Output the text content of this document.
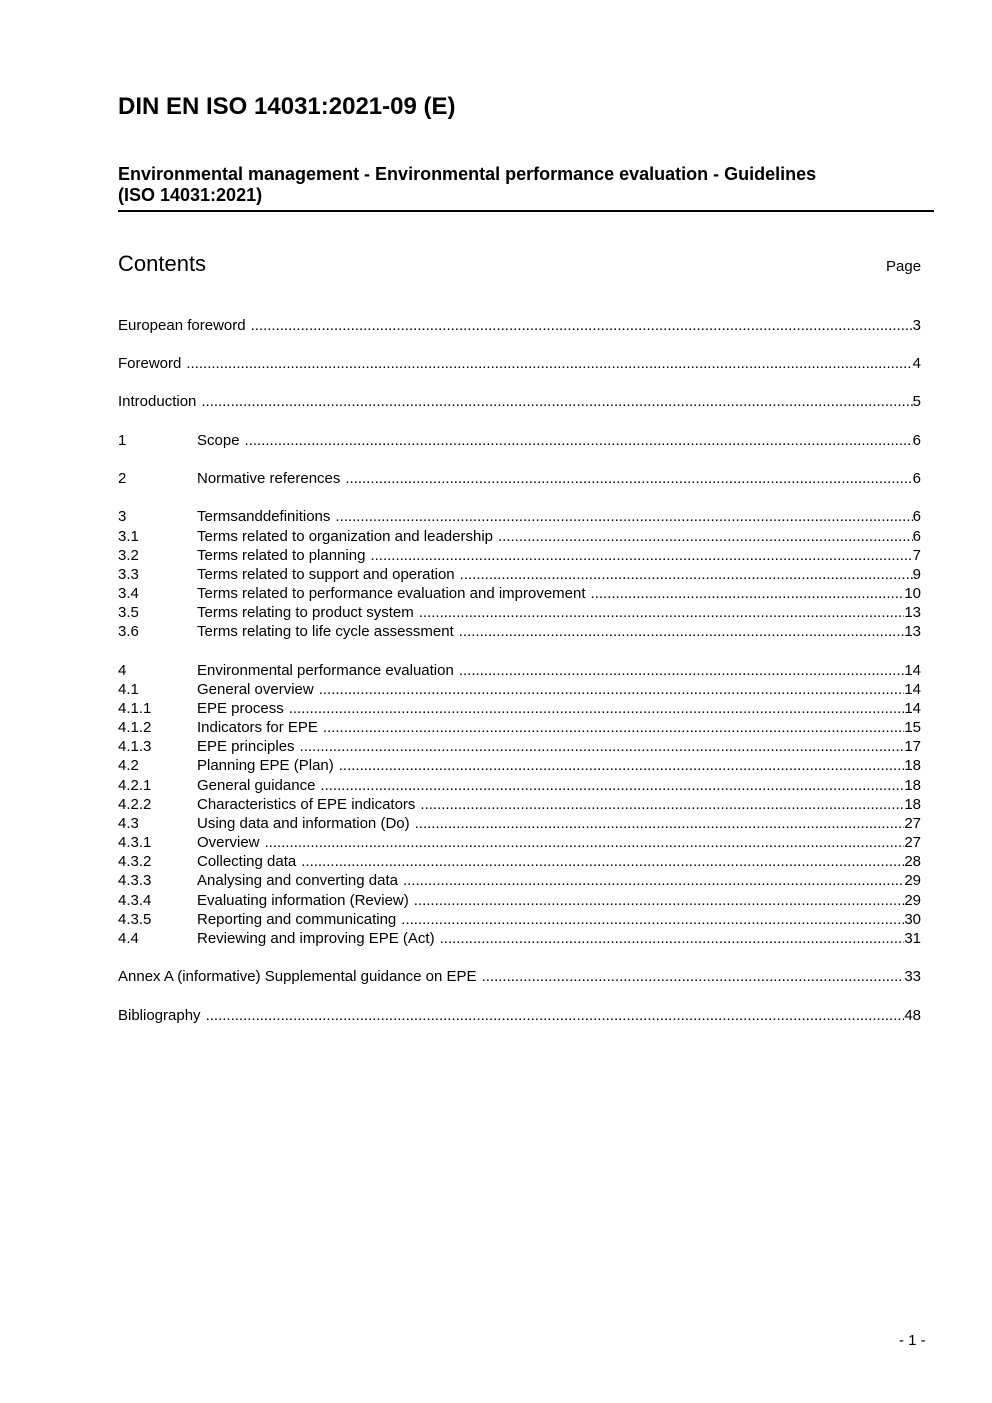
DIN EN ISO 14031:2021-09 (E)
Environmental management - Environmental performance evaluation - Guidelines
(ISO 14031:2021)
Contents	Page
European foreword .....	3
Foreword .....	4
Introduction .....	5
1	Scope .....	6
2	Normative references .....	6
3	Termsanddefinitions .....	6
3.1	Terms related to organization and leadership .....	6
3.2	Terms related to planning .....	7
3.3	Terms related to support and operation .....	9
3.4	Terms related to performance evaluation and improvement .....	10
3.5	Terms relating to product system .....	13
3.6	Terms relating to life cycle assessment .....	13
4	Environmental performance evaluation .....	14
4.1	General overview .....	14
4.1.1	EPE process .....	14
4.1.2	Indicators for EPE .....	15
4.1.3	EPE principles .....	17
4.2	Planning EPE (Plan) .....	18
4.2.1	General guidance .....	18
4.2.2	Characteristics of EPE indicators .....	18
4.3	Using data and information (Do) .....	27
4.3.1	Overview .....	27
4.3.2	Collecting data .....	28
4.3.3	Analysing and converting data .....	29
4.3.4	Evaluating information (Review) .....	29
4.3.5	Reporting and communicating .....	30
4.4	Reviewing and improving EPE (Act) .....	31
Annex A (informative) Supplemental guidance on EPE .....	33
Bibliography .....	48
- 1 -
